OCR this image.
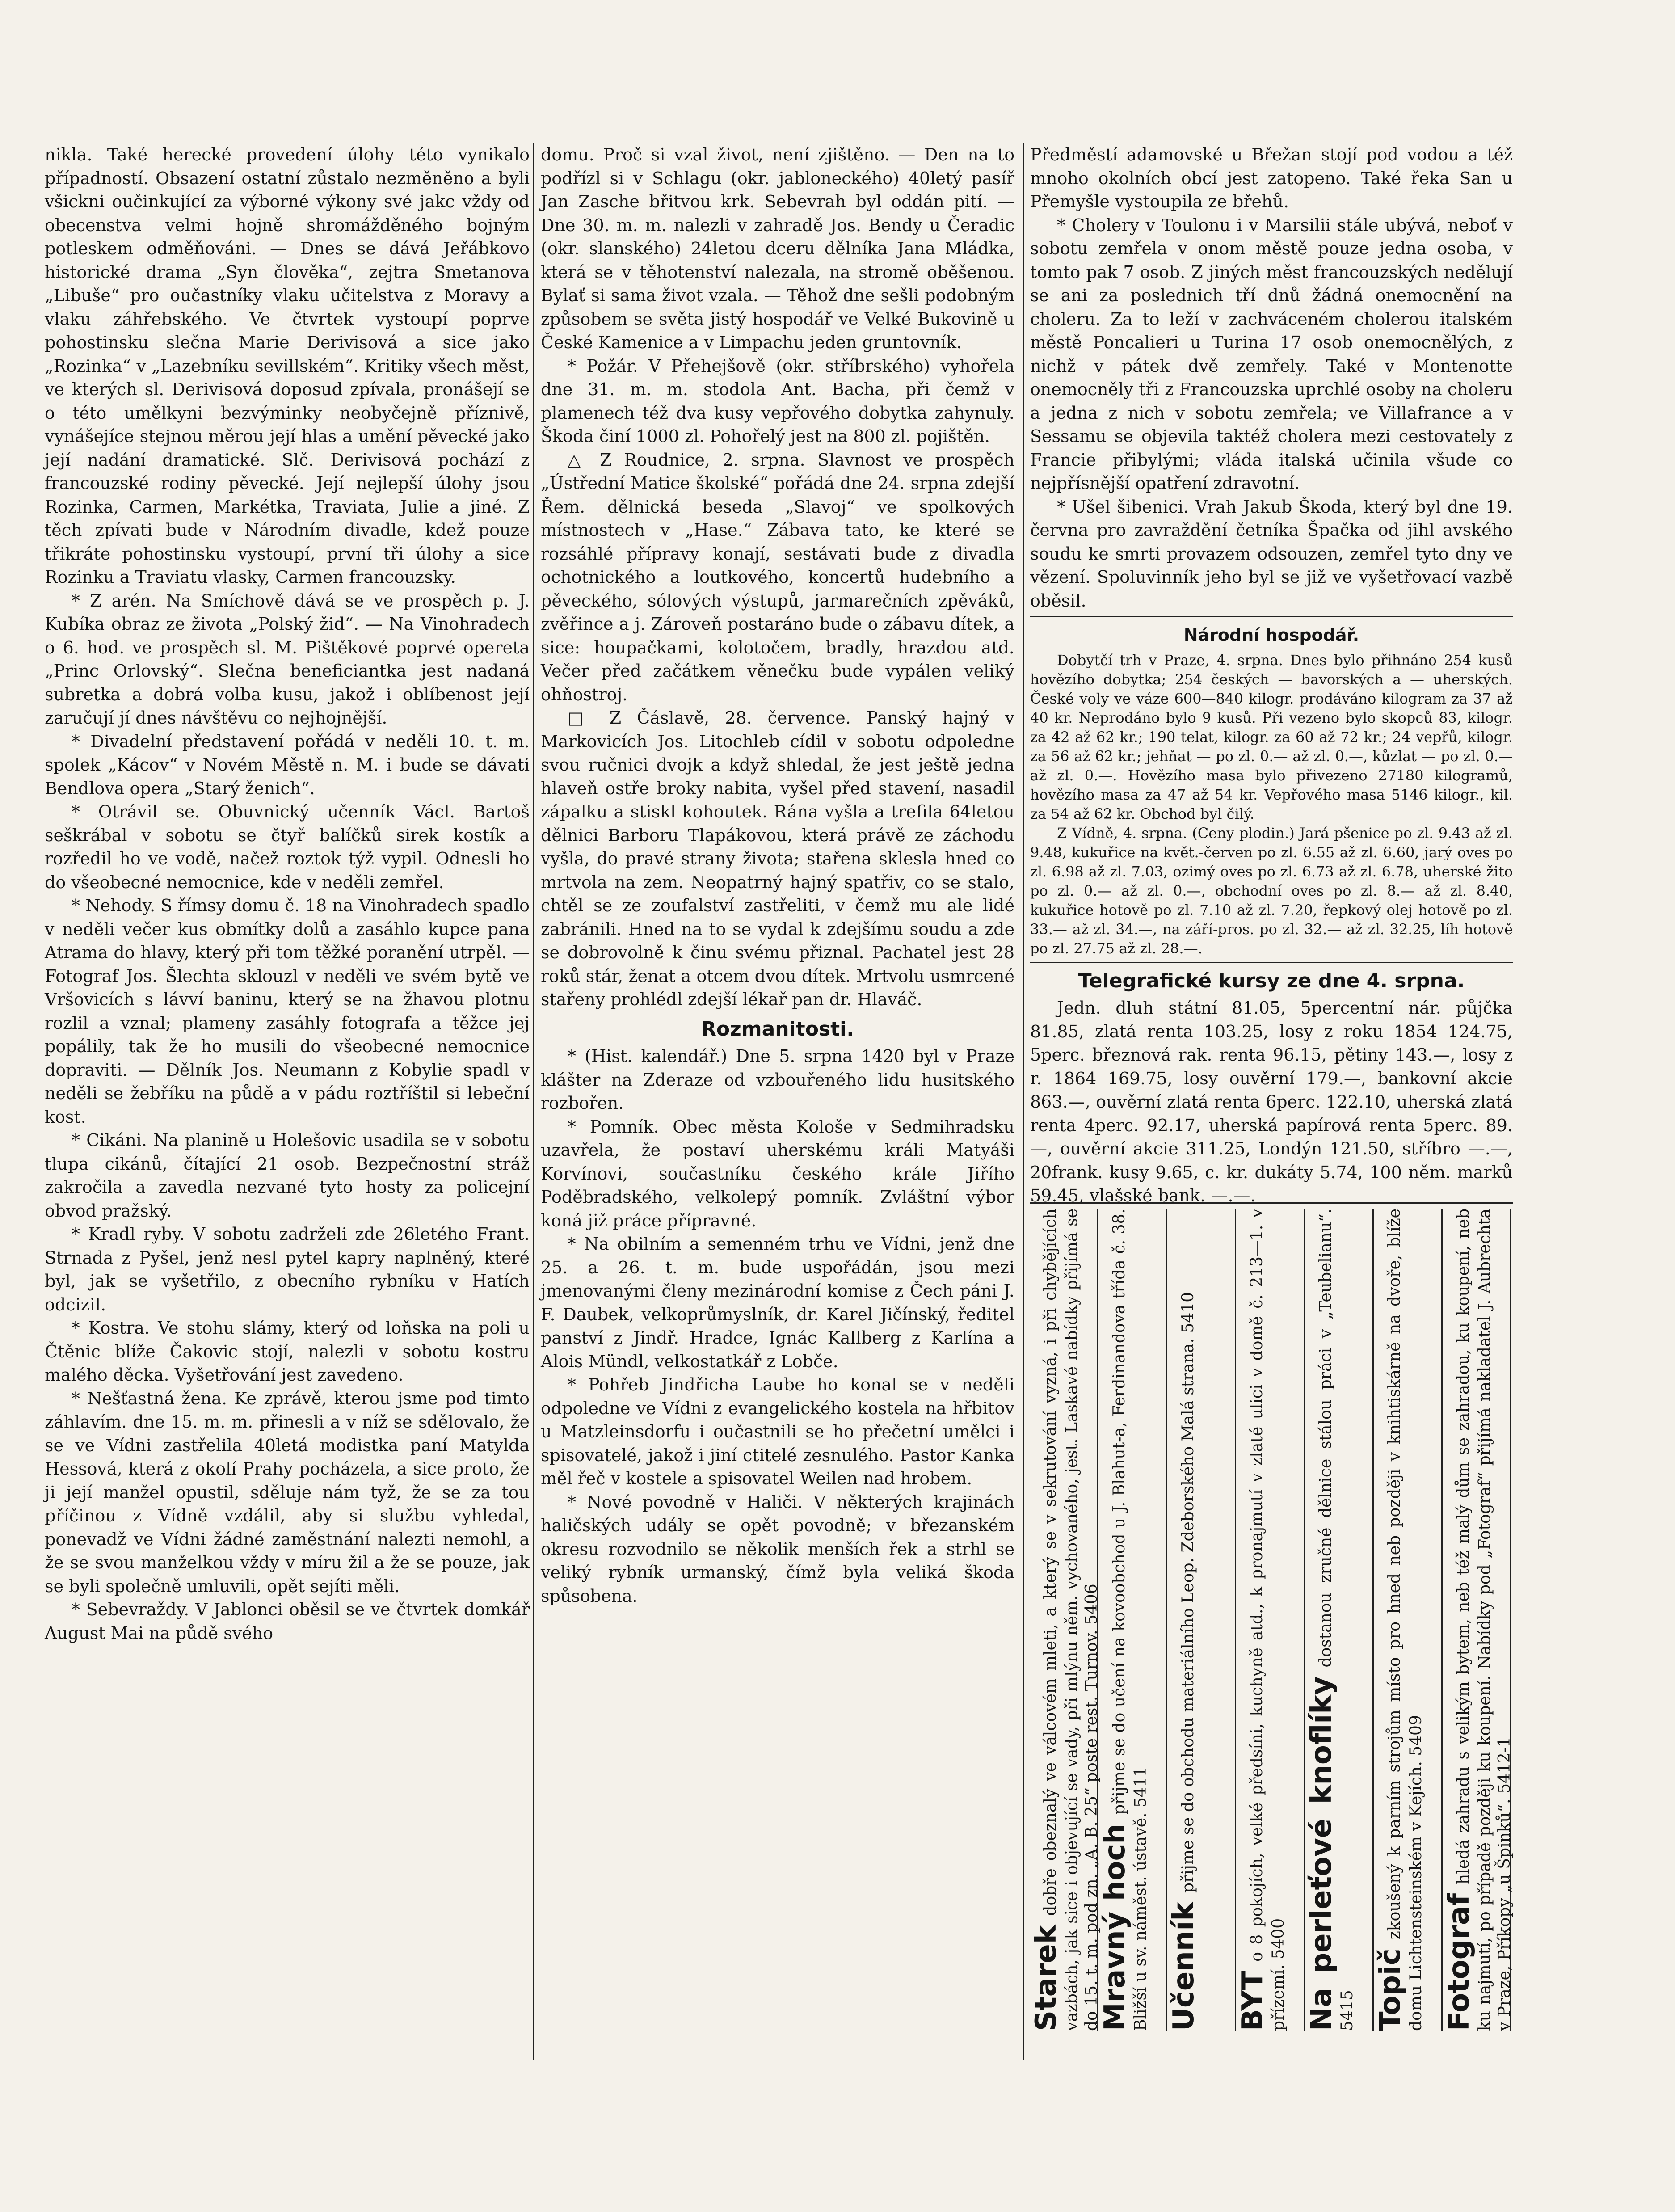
nikla. Také herecké provedení úlohy této vynikalo případností. Obsazení ostatní zůstalo nezměněno a byli všickni oučinkující za výborné výkony své jakc vždy od obecenstva velmi hojně shromážděného bojným potleskem odměňováni. — Dnes se dává Jeřábkovo historické drama „Syn člověka“, zejtra Smetanova „Libuše“ pro oučastníky vlaku učitelstva z Moravy a vlaku záhřebského. Ve čtvrtek vystoupí poprve pohostinsku slečna Marie Derivisová a sice jako „Rozinka“ v „Lazebníku sevillském“. Kritiky všech měst, ve kterých sl. Derivisová doposud zpívala, pronášejí se o této umělkyni bezvýminky neobyčejně příznivě, vynášejíce stejnou měrou její hlas a umění pěvecké jako její nadání dramatické. Slč. Derivisová pochází z francouzské rodiny pěvecké. Její nejlepší úlohy jsou Rozinka, Carmen, Markétka, Traviata, Julie a jiné. Z těch zpívati bude v Národním divadle, kdež pouze třikráte pohostinsku vystoupí, první tři úlohy a sice Rozinku a Traviatu vlasky, Carmen francouzsky.

* Z arén. Na Smíchově dává se ve prospěch p. J. Kubíka obraz ze života „Polský žid“. — Na Vinohradech o 6. hod. ve prospěch sl. M. Pištěkové poprvé opereta „Princ Orlovský“. Slečna beneficiantka jest nadaná subretka a dobrá volba kusu, jakož i oblíbenost její zaručují jí dnes návštěvu co nejhojnější.

* Divadelní představení pořádá v neděli 10. t. m. spolek „Kácov“ v Novém Městě n. M. i bude se dávati Bendlova opera „Starý ženich“.

* Otrávil se. Obuvnický učenník Václ. Bartoš seškrábal v sobotu se čtyř balíčků sirek kostík a rozředil ho ve vodě, načež roztok týž vypil. Odnesli ho do všeobecné nemocnice, kde v neděli zemřel.

* Nehody. S římsy domu č. 18 na Vinohradech spadlo v neděli večer kus obmítky dolů a zasáhlo kupce pana Atrama do hlavy, který při tom těžké poranění utrpěl. — Fotograf Jos. Šlechta sklouzl v neděli ve svém bytě ve Vršovicích s lávví baninu, který se na žhavou plotnu rozlil a vznal; plameny zasáhly fotografa a těžce jej popálily, tak že ho musili do všeobecné nemocnice dopraviti. — Dělník Jos. Neumann z Kobylie spadl v neděli se žebříku na půdě a v pádu roztříštil si lebeční kost.

* Cikáni. Na planině u Holešovic usadila se v sobotu tlupa cikánů, čítající 21 osob. Bezpečnostní stráž zakročila a zavedla nezvané tyto hosty za policejní obvod pražský.

* Kradl ryby. V sobotu zadrželi zde 26letého Frant. Strnada z Pyšel, jenž nesl pytel kapry naplněný, které byl, jak se vyšetřilo, z obecního rybníku v Hatích odcizil.

* Kostra. Ve stohu slámy, který od loňska na poli u Čtěnic blíže Čakovic stojí, nalezli v sobotu kostru malého děcka. Vyšetřování jest zavedeno.

* Nešťastná žena. Ke zprávě, kterou jsme pod timto záhlavím. dne 15. m. m. přinesli a v níž se sdělovalo, že se ve Vídni zastřelila 40letá modistka paní Matylda Hessová, která z okolí Prahy pocházela, a sice proto, že ji její manžel opustil, sděluje nám tyž, že se za tou příčinou z Vídně vzdálil, aby si službu vyhledal, ponevadž ve Vídni žádné zaměstnání nalezti nemohl, a že se svou manželkou vždy v míru žil a že se pouze, jak se byli společně umluvili, opět sejíti měli.

* Sebevraždy. V Jablonci oběsil se ve čtvrtek domkář August Mai na půdě svého

domu. Proč si vzal život, není zjištěno. — Den na to podřízl si v Schlagu (okr. jabloneckého) 40letý pasíř Jan Zasche břitvou krk. Sebevrah byl oddán pití. — Dne 30. m. m. nalezli v zahradě Jos. Bendy u Čeradic (okr. slanského) 24letou dceru dělníka Jana Mládka, která se v těhotenství nalezala, na stromě oběšenou. Bylať si sama život vzala. — Těhož dne sešli podobným způsobem se světa jistý hospodář ve Velké Bukovině u České Kamenice a v Limpachu jeden gruntovník.

* Požár. V Přehejšově (okr. stříbrského) vyhořela dne 31. m. m. stodola Ant. Bacha, při čemž v plamenech též dva kusy vepřového dobytka zahynuly. Škoda činí 1000 zl. Pohořelý jest na 800 zl. pojištěn.

△ Z Roudnice, 2. srpna. Slavnost ve prospěch „Ústřední Matice školské“ pořádá dne 24. srpna zdejší Řem. dělnická beseda „Slavoj“ ve spolkových místnostech v „Hase.“ Zábava tato, ke které se rozsáhlé přípravy konají, sestávati bude z divadla ochotnického a loutkového, koncertů hudebního a pěveckého, sólových výstupů, jarmarečních zpěváků, zvěřince a j. Zároveň postaráno bude o zábavu dítek, a sice: houpačkami, kolotočem, bradly, hrazdou atd. Večer před začátkem věnečku bude vypálen veliký ohňostroj.

□ Z Čáslavě, 28. července. Panský hajný v Markovicích Jos. Litochleb cídil v sobotu odpoledne svou ručnici dvojk a když shledal, že jest ještě jedna hlaveň ostře broky nabita, vyšel před stavení, nasadil zápalku a stiskl kohoutek. Rána vyšla a trefila 64letou dělnici Barboru Tlapákovou, která právě ze záchodu vyšla, do pravé strany života; stařena sklesla hned co mrtvola na zem. Neopatrný hajný spatřiv, co se stalo, chtěl se ze zoufalství zastřeliti, v čemž mu ale lidé zabránili. Hned na to se vydal k zdejšímu soudu a zde se dobrovolně k činu svému přiznal. Pachatel jest 28 roků stár, ženat a otcem dvou dítek. Mrtvolu usmrcené stařeny prohlédl zdejší lékař pan dr. Hlaváč.

Rozmanitosti.

* (Hist. kalendář.) Dne 5. srpna 1420 byl v Praze klášter na Zderaze od vzbouřeného lidu husitského rozbořen.

* Pomník. Obec města Kološe v Sedmihradsku uzavřela, že postaví uherskému králi Matyáši Korvínovi, součastníku českého krále Jiřího Poděbradského, velkolepý pomník. Zvláštní výbor koná již práce přípravné.

* Na obilním a semenném trhu ve Vídni, jenž dne 25. a 26. t. m. bude uspořádán, jsou mezi jmenovanými členy mezinárodní komise z Čech páni J. F. Daubek, velkoprůmyslník, dr. Karel Jičínský, ředitel panství z Jindř. Hradce, Ignác Kallberg z Karlína a Alois Mündl, velkostatkář z Lobče.

* Pohřeb Jindřicha Laube ho konal se v neděli odpoledne ve Vídni z evangelického kostela na hřbitov u Matzleinsdorfu i oučastnili se ho přečetní umělci i spisovatelé, jakož i jiní ctitelé zesnulého. Pastor Kanka měl řeč v kostele a spisovatel Weilen nad hrobem.

* Nové povodně v Haliči. V některých krajinách haličských udály se opět povodně; v březanském okresu rozvodnilo se několik menších řek a strhl se veliký rybník urmanský, čímž byla veliká škoda spůsobena.

Předměstí adamovské u Břežan stojí pod vodou a též mnoho okolních obcí jest zatopeno. Také řeka San u Přemyšle vystoupila ze břehů.

* Cholery v Toulonu i v Marsilii stále ubývá, neboť v sobotu zemřela v onom městě pouze jedna osoba, v tomto pak 7 osob. Z jiných měst francouzských nedělují se ani za poslednich tří dnů žádná onemocnění na choleru. Za to leží v zachváceném cholerou italském městě Poncalieri u Turina 17 osob onemocnělých, z nichž v pátek dvě zemřely. Také v Montenotte onemocněly tři z Francouzska uprchlé osoby na choleru a jedna z nich v sobotu zemřela; ve Villafrance a v Sessamu se objevila taktéž cholera mezi cestovately z Francie přibylými; vláda italská učinila všude co nejpřísnější opatření zdravotní.

* Ušel šibenici. Vrah Jakub Škoda, který byl dne 19. června pro zavraždění četníka Špačka od jihl avského soudu ke smrti provazem odsouzen, zemřel tyto dny ve vězení. Spoluvinník jeho byl se již ve vyšetřovací vazbě oběsil.

Národní hospodář.

Dobytčí trh v Praze, 4. srpna. Dnes bylo přihnáno 254 kusů hovězího dobytka; 254 českých — bavorských a — uherských. České voly ve váze 600—840 kilogr. prodáváno kilogram za 37 až 40 kr. Neprodáno bylo 9 kusů. Při vezeno bylo skopců 83, kilogr. za 42 až 62 kr.; 190 telat, kilogr. za 60 až 72 kr.; 24 vepřů, kilogr. za 56 až 62 kr.; jehňat — po zl. 0.— až zl. 0.—, kůzlat — po zl. 0.— až zl. 0.—. Hovězího masa bylo přivezeno 27180 kilogramů, hovězího masa za 47 až 54 kr. Vepřového masa 5146 kilogr., kil. za 54 až 62 kr. Obchod byl čilý.

Z Vídně, 4. srpna. (Ceny plodin.) Jará pšenice po zl. 9.43 až zl. 9.48, kukuřice na květ.-červen po zl. 6.55 až zl. 6.60, jarý oves po zl. 6.98 až zl. 7.03, ozimý oves po zl. 6.73 až zl. 6.78, uherské žito po zl. 0.— až zl. 0.—, obchodní oves po zl. 8.— až zl. 8.40, kukuřice hotově po zl. 7.10 až zl. 7.20, řepkový olej hotově po zl. 33.— až zl. 34.—, na září-pros. po zl. 32.— až zl. 32.25, líh hotově po zl. 27.75 až zl. 28.—.

Telegrafické kursy ze dne 4. srpna.

Jedn. dluh státní 81.05, 5percentní nár. půjčka 81.85, zlatá renta 103.25, losy z roku 1854 124.75, 5perc. březnová rak. renta 96.15, pětiny 143.—, losy z r. 1864 169.75, losy ouvěrní 179.—, bankovní akcie 863.—, ouvěrní zlatá renta 6perc. 122.10, uherská zlatá renta 4perc. 92.17, uherská papírová renta 5perc. 89.—, ouvěrní akcie 311.25, Londýn 121.50, stříbro —.—, 20frank. kusy 9.65, c. kr. dukáty 5.74, 100 něm. marků 59.45, vlašské bank. —.—.

Starekdobře obeznalý ve válcovém mleti, a který se v sekrutování vyzná, i při chybějících vazbách, jak sice i objevující se vady, při mlýnu něm. vychovaného, jest. Laskavé nabídky přijímá se do 15. t. m. pod zn. „A. B. 25“ poste rest. Turnov. 5406
Mravný hochpřijme se do učení na kovoobchod u J. Blahut-a, Ferdinandova třída č. 38. Bližší u sv. náměst. ústavě. 5411 Učenníkpřijme se do obchodu materiálního Leop. Zdeborského Malá strana. 5410
BYTo 8 pokojích, velké předsíni, kuchyně atd., k pronajmutí v zlaté ulici v domě č. 213—1. v přízemí. 5400 Na perleťové knoflíkydostanou zručné dělnice stálou práci v „Teubelianu“. 5415 Topičzkoušený k parním strojům místo pro hned neb později v knihtiskárně na dvoře, blíže domu Lichtensteinském v Kejích. 5409 Fotografhledá zahradu s velikým bytem, neb též malý dům se zahradou, ku koupení, neb ku najmutí, po případě později ku koupení. Nabídky pod „Fotograf“ přijímá nakladatel J. Aubrechta v Praze, Příkopy „u Špinků“. 5412-1
